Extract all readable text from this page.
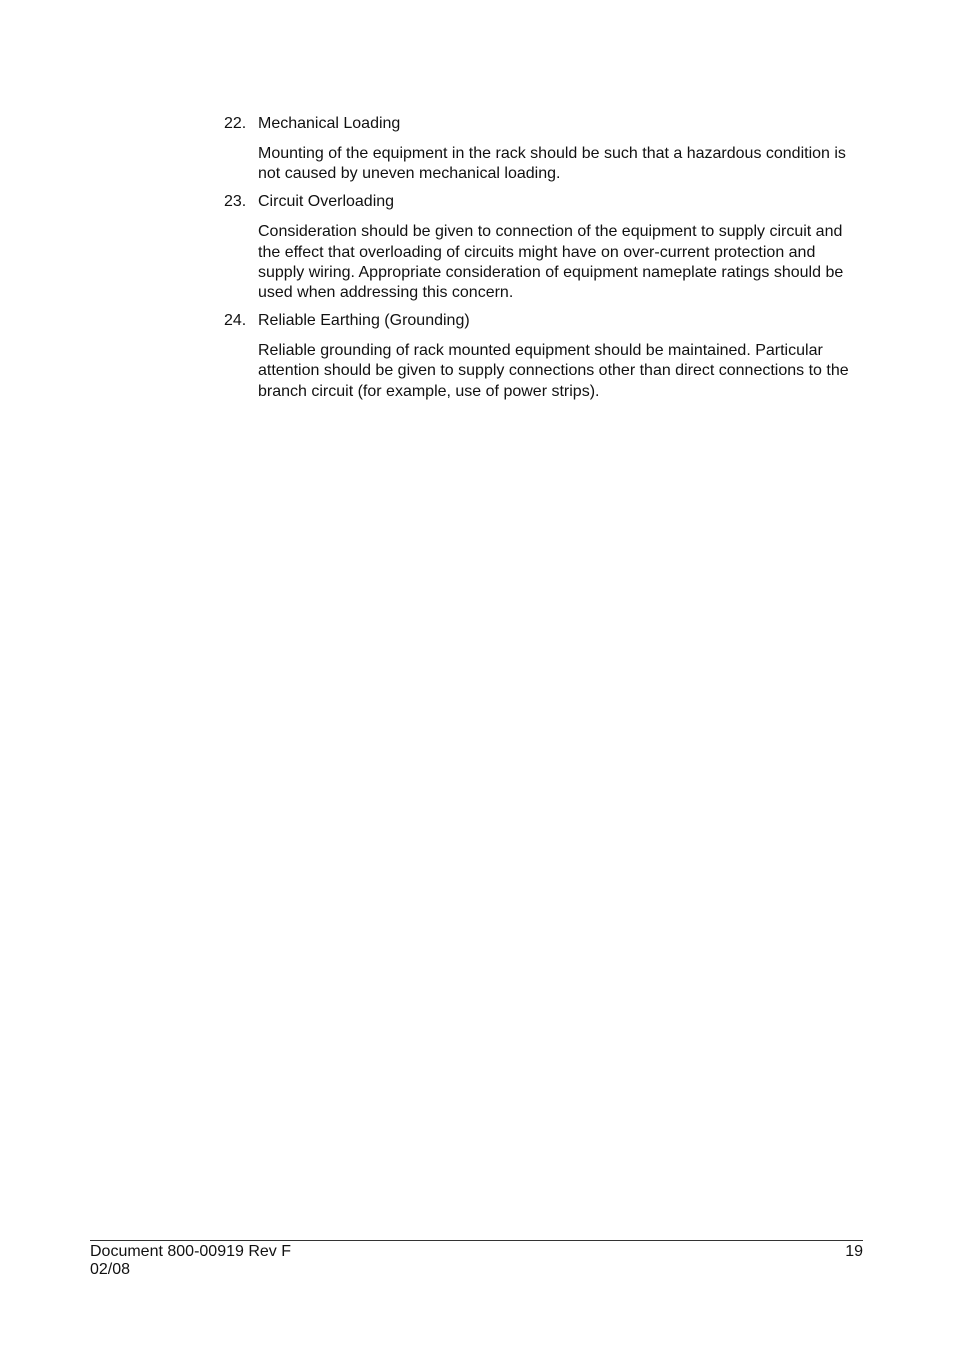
22. Mechanical Loading
Mounting of the equipment in the rack should be such that a hazardous condition is not caused by uneven mechanical loading.
23. Circuit Overloading
Consideration should be given to connection of the equipment to supply circuit and the effect that overloading of circuits might have on over-current protection and supply wiring. Appropriate consideration of equipment nameplate ratings should be used when addressing this concern.
24. Reliable Earthing (Grounding)
Reliable grounding of rack mounted equipment should be maintained. Particular attention should be given to supply connections other than direct connections to the branch circuit (for example, use of power strips).
Document 800-00919 Rev F
02/08
19
